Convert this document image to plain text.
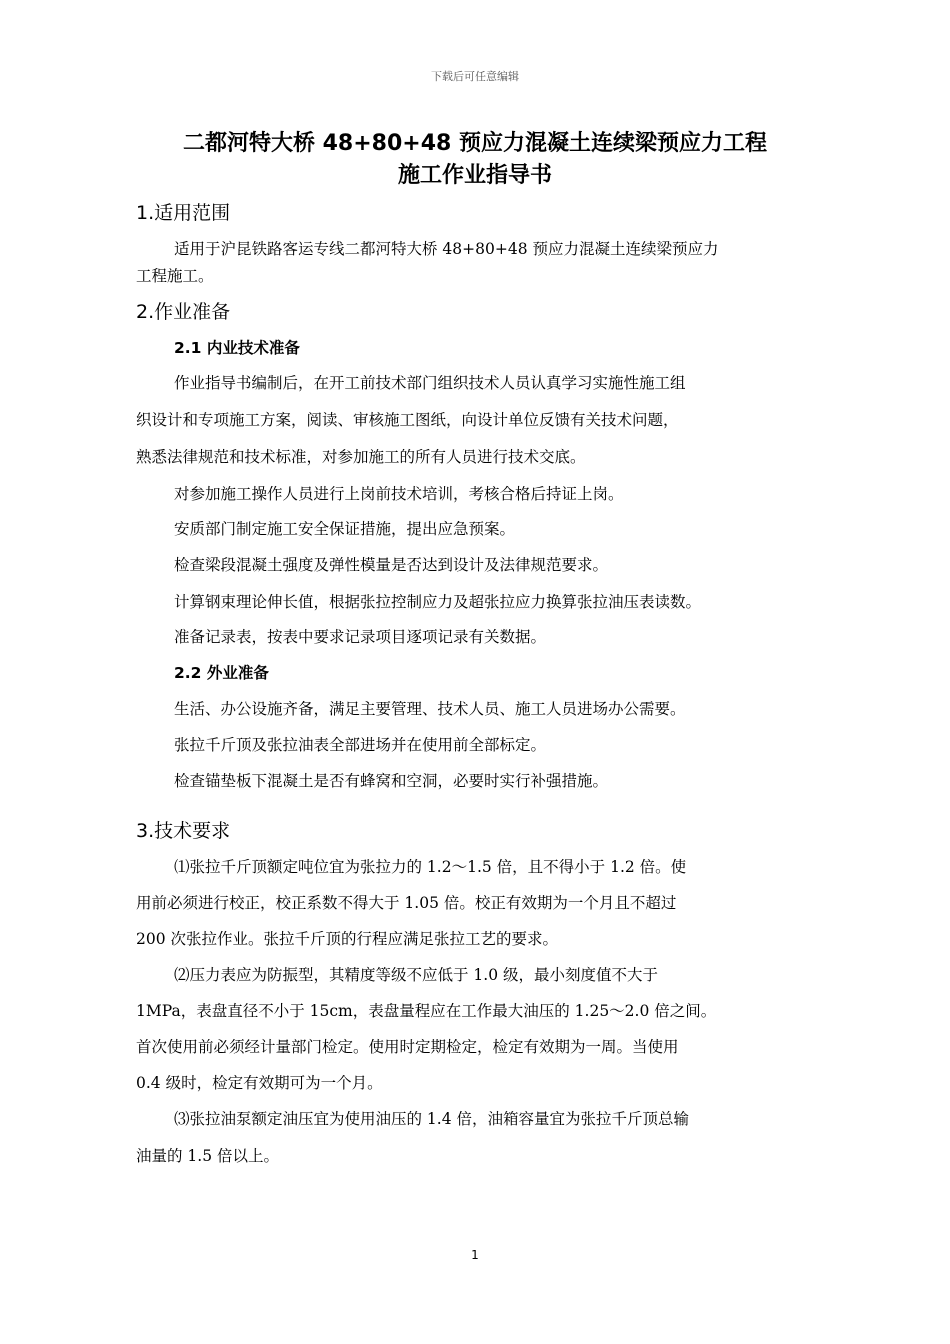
下载后可任意编辑
二都河特大桥 48+80+48 预应力混凝土连续梁预应力工程
施工作业指导书
1.适用范围
适用于沪昆铁路客运专线二都河特大桥 48+80+48 预应力混凝土连续梁预应力
工程施工。
2.作业准备
2.1 内业技术准备
作业指导书编制后，在开工前技术部门组织技术人员认真学习实施性施工组
织设计和专项施工方案，阅读、审核施工图纸，向设计单位反馈有关技术问题，
熟悉法律规范和技术标准，对参加施工的所有人员进行技术交底。
对参加施工操作人员进行上岗前技术培训，考核合格后持证上岗。
安质部门制定施工安全保证措施，提出应急预案。
检查梁段混凝土强度及弹性模量是否达到设计及法律规范要求。
计算钢束理论伸长值，根据张拉控制应力及超张拉应力换算张拉油压表读数。
准备记录表，按表中要求记录项目逐项记录有关数据。
2.2 外业准备
生活、办公设施齐备，满足主要管理、技术人员、施工人员进场办公需要。
张拉千斤顶及张拉油表全部进场并在使用前全部标定。
检查锚垫板下混凝土是否有蜂窝和空洞，必要时实行补强措施。
3.技术要求
⑴张拉千斤顶额定吨位宜为张拉力的 1.2～1.5 倍，且不得小于 1.2 倍。使
用前必须进行校正，校正系数不得大于 1.05 倍。校正有效期为一个月且不超过
200 次张拉作业。张拉千斤顶的行程应满足张拉工艺的要求。
⑵压力表应为防振型，其精度等级不应低于 1.0 级，最小刻度值不大于
1MPa，表盘直径不小于 15cm，表盘量程应在工作最大油压的 1.25～2.0 倍之间。
首次使用前必须经计量部门检定。使用时定期检定，检定有效期为一周。当使用
0.4 级时，检定有效期可为一个月。
⑶张拉油泵额定油压宜为使用油压的 1.4 倍，油箱容量宜为张拉千斤顶总输
油量的 1.5 倍以上。
1
